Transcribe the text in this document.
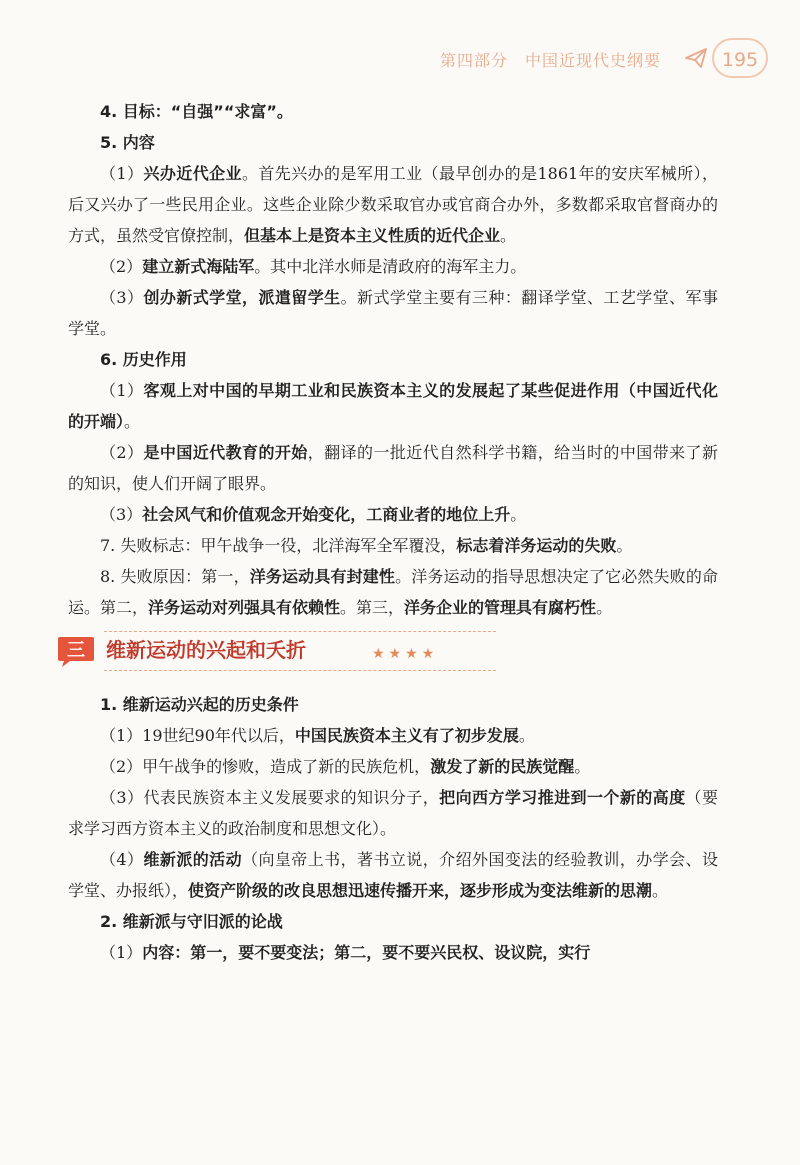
第四部分　中国近现代史纲要	195

4. 目标：“自强”“求富”。

5. 内容

（1）兴办近代企业。首先兴办的是军用工业（最早创办的是1861年的安庆军械所），后又兴办了一些民用企业。这些企业除少数采取官办或官商合办外，多数都采取官督商办的方式，虽然受官僚控制，但基本上是资本主义性质的近代企业。

（2）建立新式海陆军。其中北洋水师是清政府的海军主力。

（3）创办新式学堂，派遣留学生。新式学堂主要有三种：翻译学堂、工艺学堂、军事学堂。

6. 历史作用

（1）客观上对中国的早期工业和民族资本主义的发展起了某些促进作用（中国近代化的开端）。

（2）是中国近代教育的开始，翻译的一批近代自然科学书籍，给当时的中国带来了新的知识，使人们开阔了眼界。

（3）社会风气和价值观念开始变化，工商业者的地位上升。

7. 失败标志：甲午战争一役，北洋海军全军覆没，标志着洋务运动的失败。

8. 失败原因：第一，洋务运动具有封建性。洋务运动的指导思想决定了它必然失败的命运。第二，洋务运动对列强具有依赖性。第三，洋务企业的管理具有腐朽性。

三 维新运动的兴起和夭折	★★★★

1. 维新运动兴起的历史条件

（1）19世纪90年代以后，中国民族资本主义有了初步发展。

（2）甲午战争的惨败，造成了新的民族危机，激发了新的民族觉醒。

（3）代表民族资本主义发展要求的知识分子，把向西方学习推进到一个新的高度（要求学习西方资本主义的政治制度和思想文化）。

（4）维新派的活动（向皇帝上书，著书立说，介绍外国变法的经验教训，办学会、设学堂、办报纸），使资产阶级的改良思想迅速传播开来，逐步形成为变法维新的思潮。

2. 维新派与守旧派的论战

（1）内容：第一，要不要变法；第二，要不要兴民权、设议院，实行
